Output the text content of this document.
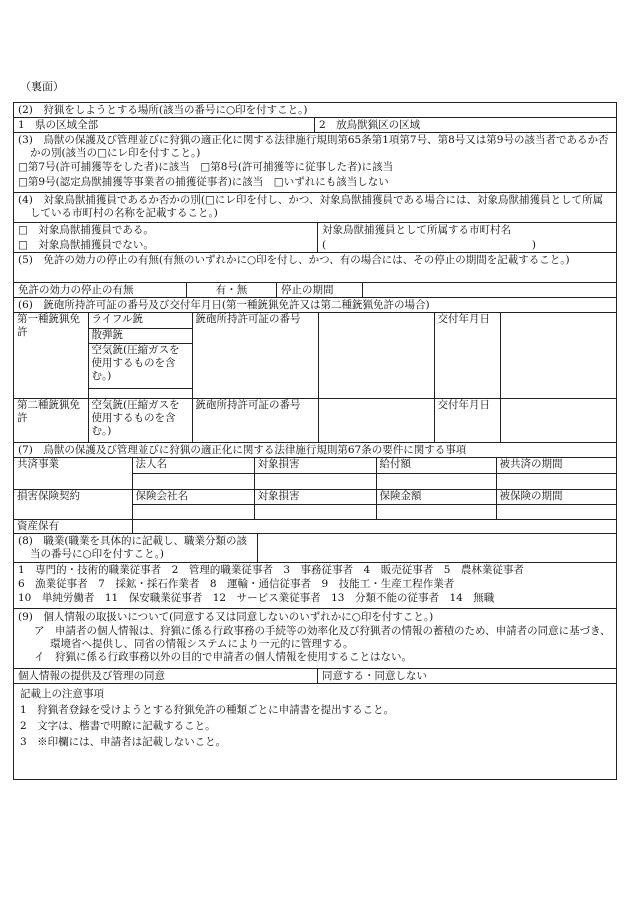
（裏面）
(2)　狩猟をしようとする場所(該当の番号に○印を付すこと。)
1　県の区域全部	2　放鳥獣猟区の区域
(3)　鳥獣の保護及び管理並びに狩猟の適正化に関する法律施行規則第65条第1項第7号、第8号又は第9号の該当者であるか否かの別(該当の□にレ印を付すこと。)
□第7号(許可捕獲等をした者)に該当　□第8号(許可捕獲等に従事した者)に該当
□第9号(認定鳥獣捕獲等事業者の捕獲従事者)に該当　□いずれにも該当しない
(4)　対象鳥獣捕獲員であるか否かの別(□にレ印を付し、かつ、対象鳥獣捕獲員である場合には、対象鳥獣捕獲員として所属している市町村の名称を記載すること。)
□　対象鳥獣捕獲員である。
□　対象鳥獣捕獲員でない。
対象鳥獣捕獲員として所属する市町村名
(	)
(5)　免許の効力の停止の有無(有無のいずれかに○印を付し、かつ、有の場合には、その停止の期間を記載すること。)
免許の効力の停止の有無	有・無	停止の期間
(6)　銃砲所持許可証の番号及び交付年月日(第一種銃猟免許又は第二種銃猟免許の場合)
第一種銃猟免許	ライフル銃	銃砲所持許可証の番号		交付年月日	
	散弾銃				
	空気銃(圧縮ガスを使用するものを含む。)				

第二種銃猟免許	空気銃(圧縮ガスを使用するものを含む。)	銃砲所持許可証の番号		交付年月日	
(7)　鳥獣の保護及び管理並びに狩猟の適正化に関する法律施行規則第67条の要件に関する事項
共済事業	法人名	対象損害	給付額	被共済の期間

損害保険契約	保険会社名	対象損害	保険金額	被保険の期間

資産保有				
(8)　職業(職業を具体的に記載し、職業分類の該当の番号に○印を付すこと。)
1　専門的・技術的職業従事者　2　管理的職業従事者　3　事務従事者　4　販売従事者　5　農林業従事者
6　漁業従事者　7　採鉱・採石作業者　8　運輸・通信従事者　9　技能工・生産工程作業者
10　単純労働者　11　保安職業従事者　12　サービス業従事者　13　分類不能の従事者　14　無職
(9)　個人情報の取扱いについて(同意する又は同意しないのいずれかに○印を付すこと。)
ア　申請者の個人情報は、狩猟に係る行政事務の手続等の効率化及び狩猟者の情報の蓄積のため、申請者の同意に基づき、環境省へ提供し、同省の情報システムにより一元的に管理する。
イ　狩猟に係る行政事務以外の目的で申請者の個人情報を使用することはない。
個人情報の提供及び管理の同意	同意する・同意しない
記載上の注意事項
1　狩猟者登録を受けようとする狩猟免許の種類ごとに申請書を提出すること。
2　文字は、楷書で明瞭に記載すること。
3　※印欄には、申請者は記載しないこと。
